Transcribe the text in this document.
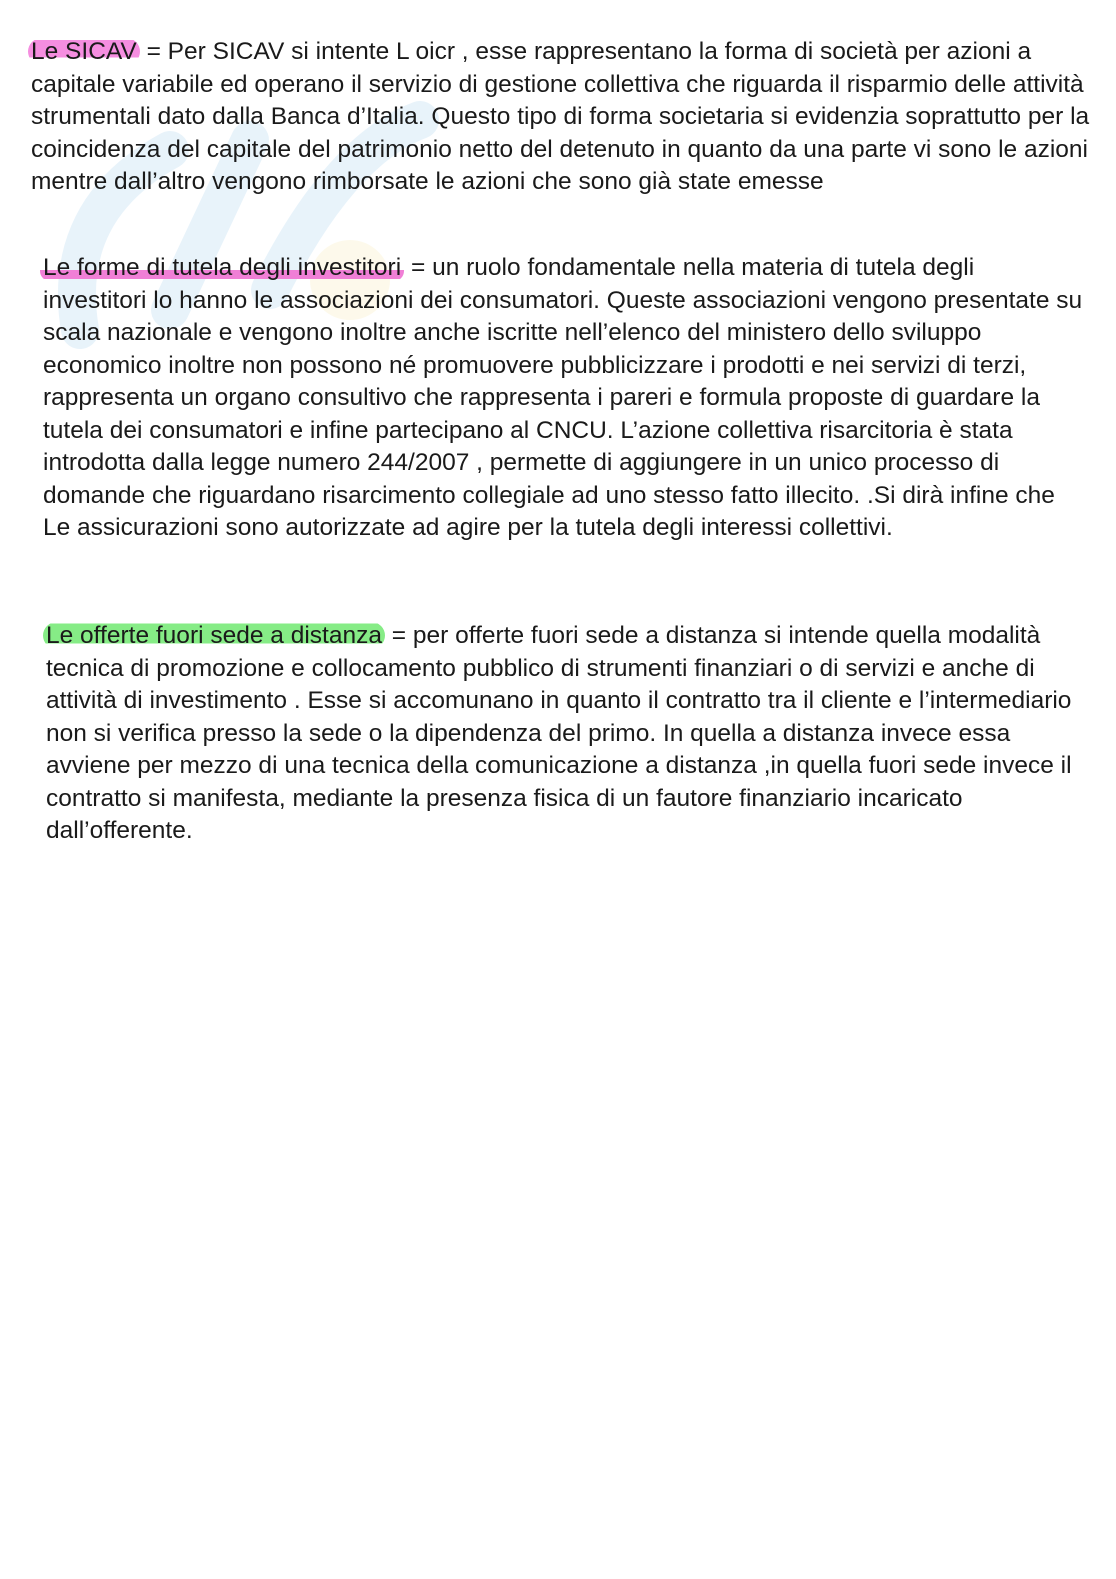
Le SICAV = Per SICAV si intente L oicr , esse rappresentano la forma di società per azioni a capitale variabile ed operano il servizio di gestione collettiva che riguarda il risparmio delle attività strumentali dato dalla Banca d’Italia. Questo tipo di forma societaria si evidenzia soprattutto per la coincidenza del capitale del patrimonio netto del detenuto in quanto da una parte vi sono le azioni mentre dall’altro vengono rimborsate le azioni che sono già state emesse

Le forme di tutela degli investitori = un ruolo fondamentale nella materia di tutela degli investitori lo hanno le associazioni dei consumatori. Queste associazioni vengono presentate su scala nazionale e vengono inoltre anche iscritte nell’elenco del ministero dello sviluppo economico inoltre non possono né promuovere pubblicizzare i prodotti e nei servizi di terzi, rappresenta un organo consultivo che rappresenta i pareri e formula proposte di guardare la tutela dei consumatori e infine partecipano al CNCU. L’azione collettiva risarcitoria è stata introdotta dalla legge numero 244/2007 , permette di aggiungere in un unico processo di domande che riguardano risarcimento collegiale ad uno stesso fatto illecito. .Si dirà infine che Le assicurazioni sono autorizzate ad agire per la tutela degli interessi collettivi.

Le offerte fuori sede a distanza = per offerte fuori sede a distanza si intende quella modalità tecnica di promozione e collocamento pubblico di strumenti finanziari o di servizi e anche di attività di investimento . Esse si accomunano in quanto il contratto tra il cliente e l’intermediario non si verifica presso la sede o la dipendenza del primo. In quella a distanza invece essa avviene per mezzo di una tecnica della comunicazione a distanza ,in quella fuori sede invece il contratto si manifesta, mediante la presenza fisica di un fautore finanziario incaricato dall’offerente.
